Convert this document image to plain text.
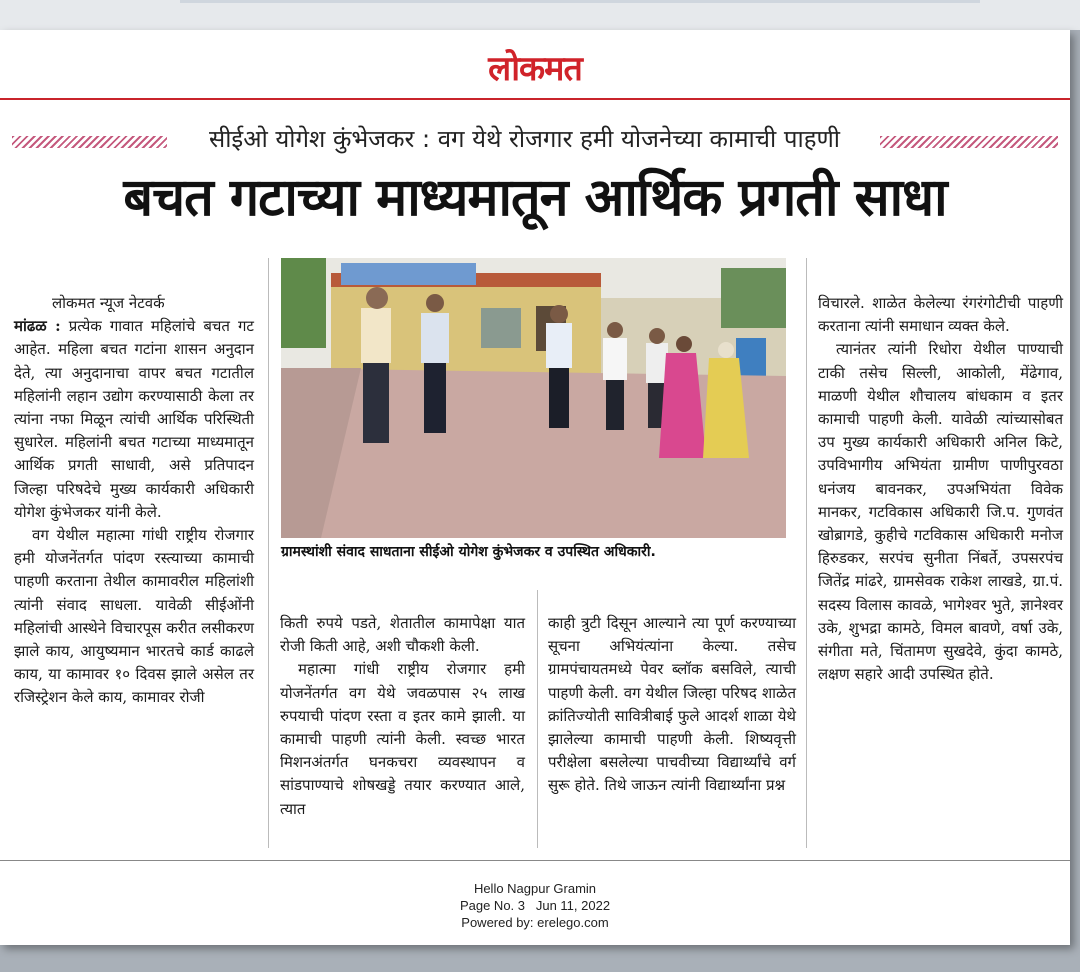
लोकमत
सीईओ योगेश कुंभेजकर : वग येथे रोजगार हमी योजनेच्या कामाची पाहणी
बचत गटाच्या माध्यमातून आर्थिक प्रगती साधा
लोकमत न्यूज नेटवर्क

मांढळ : प्रत्येक गावात महिलांचे बचत गट आहेत. महिला बचत गटांना शासन अनुदान देते, त्या अनुदानाचा वापर बचत गटातील महिलांनी लहान उद्योग करण्यासाठी केला तर त्यांना नफा मिळून त्यांची आर्थिक परिस्थिती सुधारेल. महिलांनी बचत गटाच्या माध्यमातून आर्थिक प्रगती साधावी, असे प्रतिपादन जिल्हा परिषदेचे मुख्य कार्यकारी अधिकारी योगेश कुंभेजकर यांनी केले.

वग येथील महात्मा गांधी राष्ट्रीय रोजगार हमी योजनेंतर्गत पांदण रस्त्याच्या कामाची पाहणी करताना तेथील कामावरील महिलांशी त्यांनी संवाद साधला. यावेळी सीईओंनी महिलांची आस्थेने विचारपूस करीत लसीकरण झाले काय, आयुष्यमान भारतचे कार्ड काढले काय, या कामावर १० दिवस झाले असेल तर रजिस्ट्रेशन केले काय, कामावर रोजी

ग्रामस्थांशी संवाद साधताना सीईओ योगेश कुंभेजकर व उपस्थित अधिकारी.

किती रुपये पडते, शेतातील कामापेक्षा यात रोजी किती आहे, अशी चौकशी केली.

महात्मा गांधी राष्ट्रीय रोजगार हमी योजनेंतर्गत वग येथे जवळपास २५ लाख रुपयाची पांदण रस्ता व इतर कामे झाली. या कामाची पाहणी त्यांनी केली. स्वच्छ भारत मिशनअंतर्गत घनकचरा व्यवस्थापन व सांडपाण्याचे शोषखड्डे तयार करण्यात आले, त्यात

काही त्रुटी दिसून आल्याने त्या पूर्ण करण्याच्या सूचना अभियंत्यांना केल्या. तसेच ग्रामपंचायतमध्ये पेवर ब्लॉक बसविले, त्याची पाहणी केली. वग येथील जिल्हा परिषद शाळेत क्रांतिज्योती सावित्रीबाई फुले आदर्श शाळा येथे झालेल्या कामाची पाहणी केली. शिष्यवृत्ती परीक्षेला बसलेल्या पाचवीच्या विद्यार्थ्यांचे वर्ग सुरू होते. तिथे जाऊन त्यांनी विद्यार्थ्यांना प्रश्न

विचारले. शाळेत केलेल्या रंगरंगोटीची पाहणी करताना त्यांनी समाधान व्यक्त केले.

त्यानंतर त्यांनी रिधोरा येथील पाण्याची टाकी तसेच सिल्ली, आकोली, मेंढेगाव, माळणी येथील शौचालय बांधकाम व इतर कामाची पाहणी केली. यावेळी त्यांच्यासोबत उप मुख्य कार्यकारी अधिकारी अनिल किटे, उपविभागीय अभियंता ग्रामीण पाणीपुरवठा धनंजय बावनकर, उपअभियंता विवेक मानकर, गटविकास अधिकारी जि.प. गुणवंत खोब्रागडे, कुहीचे गटविकास अधिकारी मनोज हिरुडकर, सरपंच सुनीता निंबर्ते, उपसरपंच जितेंद्र मांढरे, ग्रामसेवक राकेश लाखडे, ग्रा.पं. सदस्य विलास कावळे, भागेश्वर भुते, ज्ञानेश्वर उके, शुभद्रा कामठे, विमल बावणे, वर्षा उके, संगीता मते, चिंतामण सुखदेवे, कुंदा कामठे, लक्षण सहारे आदी उपस्थित होते.

Hello Nagpur Gramin
Page No. 3   Jun 11, 2022
Powered by: erelego.com
